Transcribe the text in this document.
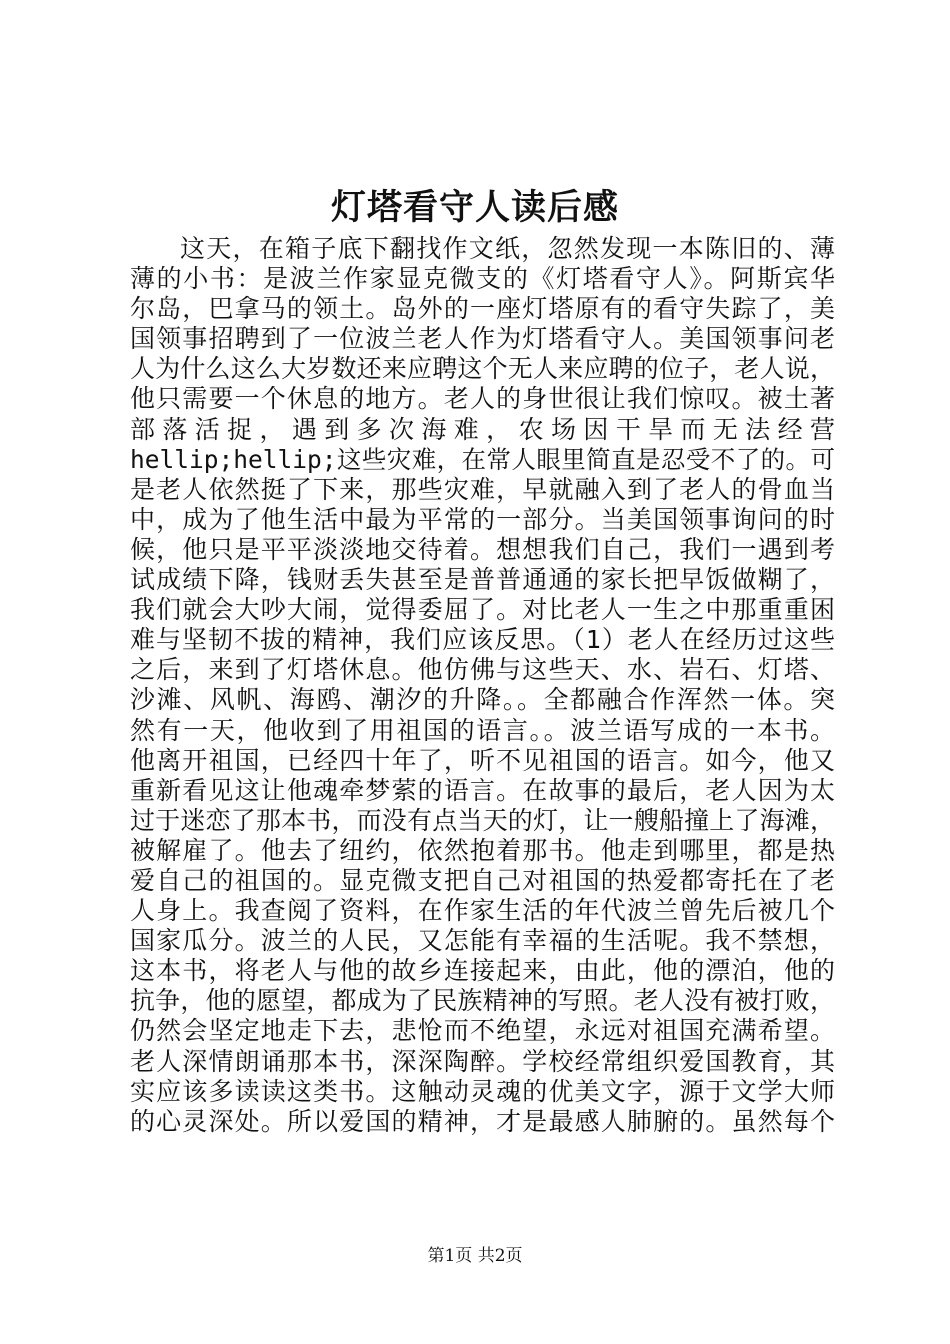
灯塔看守人读后感
这天，在箱子底下翻找作文纸，忽然发现一本陈旧的、薄
薄的小书：是波兰作家显克微支的《灯塔看守人》。阿斯宾华
尔岛，巴拿马的领土。岛外的一座灯塔原有的看守失踪了，美
国领事招聘到了一位波兰老人作为灯塔看守人。美国领事问老
人为什么这么大岁数还来应聘这个无人来应聘的位子，老人说，
他只需要一个休息的地方。老人的身世很让我们惊叹。被土著
部落活捉，遇到多次海难，农场因干旱而无法经营
hellip;hellip;这些灾难，在常人眼里简直是忍受不了的。可
是老人依然挺了下来，那些灾难，早就融入到了老人的骨血当
中，成为了他生活中最为平常的一部分。当美国领事询问的时
候，他只是平平淡淡地交待着。想想我们自己，我们一遇到考
试成绩下降，钱财丢失甚至是普普通通的家长把早饭做糊了，
我们就会大吵大闹，觉得委屈了。对比老人一生之中那重重困
难与坚韧不拔的精神，我们应该反思。（1）老人在经历过这些
之后，来到了灯塔休息。他仿佛与这些天、水、岩石、灯塔、
沙滩、风帆、海鸥、潮汐的升降。。全都融合作浑然一体。突
然有一天，他收到了用祖国的语言。。波兰语写成的一本书。
他离开祖国，已经四十年了，听不见祖国的语言。如今，他又
重新看见这让他魂牵梦萦的语言。在故事的最后，老人因为太
过于迷恋了那本书，而没有点当天的灯，让一艘船撞上了海滩，
被解雇了。他去了纽约，依然抱着那书。他走到哪里，都是热
爱自己的祖国的。显克微支把自己对祖国的热爱都寄托在了老
人身上。我查阅了资料，在作家生活的年代波兰曾先后被几个
国家瓜分。波兰的人民，又怎能有幸福的生活呢。我不禁想，
这本书，将老人与他的故乡连接起来，由此，他的漂泊，他的
抗争，他的愿望，都成为了民族精神的写照。老人没有被打败，
仍然会坚定地走下去，悲怆而不绝望，永远对祖国充满希望。
老人深情朗诵那本书，深深陶醉。学校经常组织爱国教育，其
实应该多读读这类书。这触动灵魂的优美文字，源于文学大师
的心灵深处。所以爱国的精神，才是最感人肺腑的。虽然每个
第1页 共2页
